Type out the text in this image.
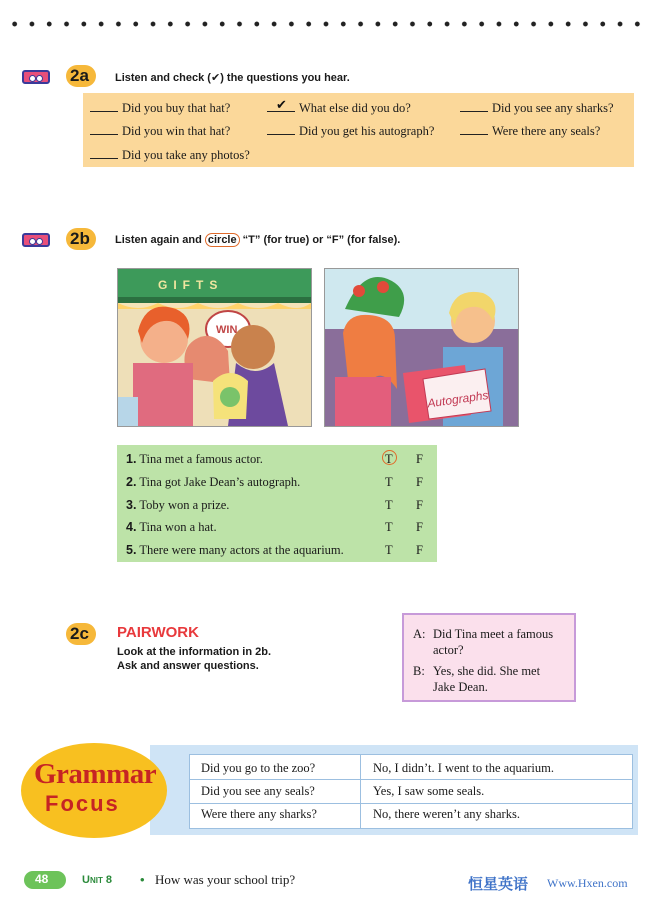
2a Listen and check (✔) the questions you hear.
Did you buy that hat?	✔ What else did you do?	Did you see any sharks?
Did you win that hat?	Did you get his autograph?	Were there any seals?
Did you take any photos?
2b Listen again and circle “T” (for true) or “F” (for false).
GIFTS
WIN
Autographs
1. Tina met a famous actor.	T F
2. Tina got Jake Dean’s autograph.	T F
3. Toby won a prize.	T F
4. Tina won a hat.	T F
5. There were many actors at the aquarium.	T F
2c PAIRWORK
Look at the information in 2b.
Ask and answer questions.
A: Did Tina meet a famous
actor?
B: Yes, she did. She met
Jake Dean.
Did you go to the zoo?	No, I didn’t. I went to the aquarium.
Did you see any seals?	Yes, I saw some seals.
Were there any sharks?	No, there weren’t any sharks.
Grammar
Focus
48	Unit 8 • How was your school trip?	恒星英语 Www.Hxen.com
